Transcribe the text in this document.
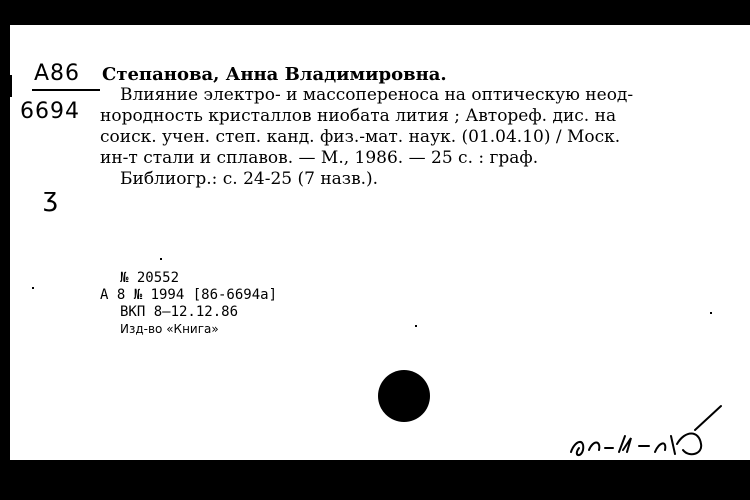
А86
6694
Степанова, Анна Владимировна.
Влияние электро- и массопереноса на оптическую неод-
нородность кристаллов ниобата лития ; Автореф. дис. на
соиск. учен. степ. канд. физ.-мат. наук. (01.04.10) / Моск.
ин-т стали и сплавов. — М., 1986. — 25 с. : граф.
Библиогр.: с. 24-25 (7 назв.).
ʒ
№ 20552
А 8 № 1994 [86-6694а]
ВКП 8—12.12.86
Изд-во «Книга»
